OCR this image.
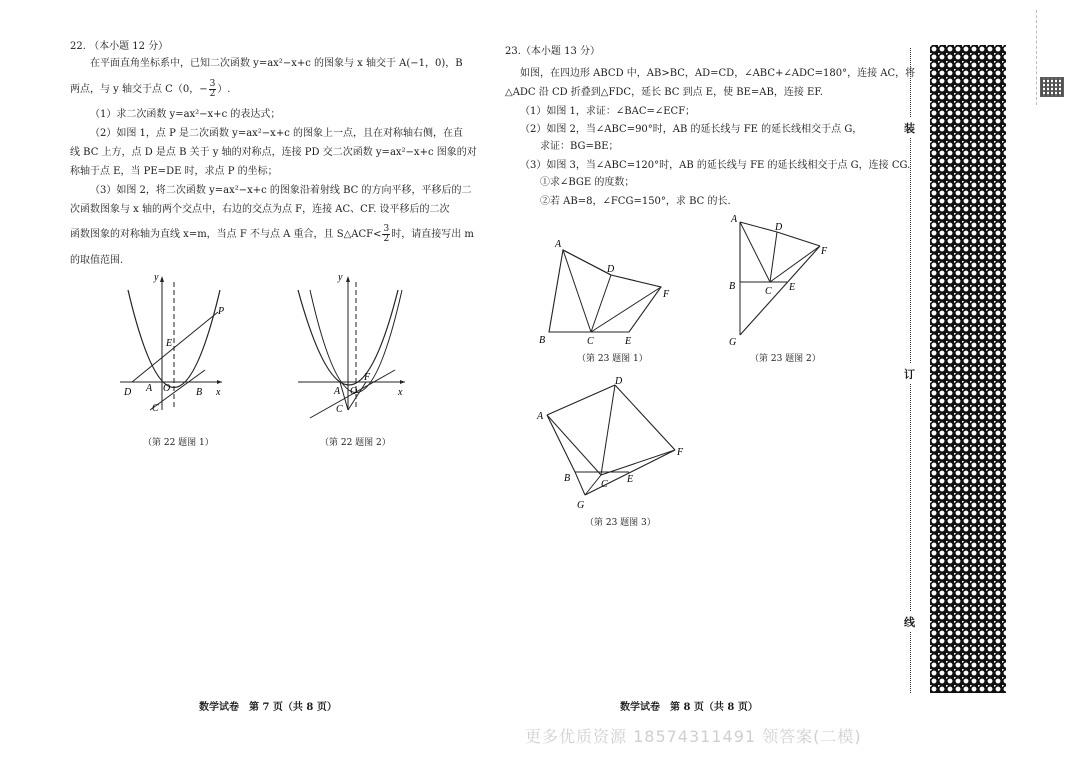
22. （本小题 12 分）
在平面直角坐标系中，已知二次函数 y=ax²−x+c 的图象与 x 轴交于 A(−1，0)，B
两点，与 y 轴交于点 C（0，− $\frac{3}{2}$ ）.
（1）求二次函数 y=ax²−x+c 的表达式；
（2）如图 1，点 P 是二次函数 y=ax²−x+c 的图象上一点，且在对称轴右侧，在直
线 BC 上方，点 D 是点 B 关于 y 轴的对称点，连接 PD 交二次函数 y=ax²−x+c 图象的对
称轴于点 E，当 PE=DE 时，求点 P 的坐标；
（3）如图 2，将二次函数 y=ax²−x+c 的图象沿着射线 BC 的方向平移，平移后的二
次函数图象与 x 轴的两个交点中，右边的交点为点 F，连接 AC、CF. 设平移后的二次
函数图象的对称轴为直线 x=m，当点 F 不与点 A 重合，且 S△ACF< $\frac{3}{2}$ 时，请直接写出 m
的取值范围.
y
x
P
E
A O	B
D
C
（第 22 题图 1）
y
x
F
A O
C
（第 22 题图 2）
数学试卷　第 7 页（共 8 页）
23.（本小题 13 分）
如图，在四边形 ABCD 中，AB>BC，AD=CD，∠ABC+∠ADC=180°，连接 AC，将
△ADC 沿 CD 折叠到△FDC，延长 BC 到点 E，使 BE=AB，连接 EF.
（1）如图 1，求证：∠BAC=∠ECF；
（2）如图 2，当∠ABC=90°时，AB 的延长线与 FE 的延长线相交于点 G，
求证：BG=BE；
（3）如图 3，当∠ABC=120°时，AB 的延长线与 FE 的延长线相交于点 G，连接 CG.
①求∠BGE 的度数；
②若 AB=8，∠FCG=150°，求 BC 的长.
A
B	C	E
D
F
（第 23 题图 1）
A
D
F
B	C E
G
（第 23 题图 2）
A
D
F
B
C E
G
（第 23 题图 3）
数学试卷　第 8 页（共 8 页）
装
订
线
更多优质资源 18574311491 领答案(二模)
